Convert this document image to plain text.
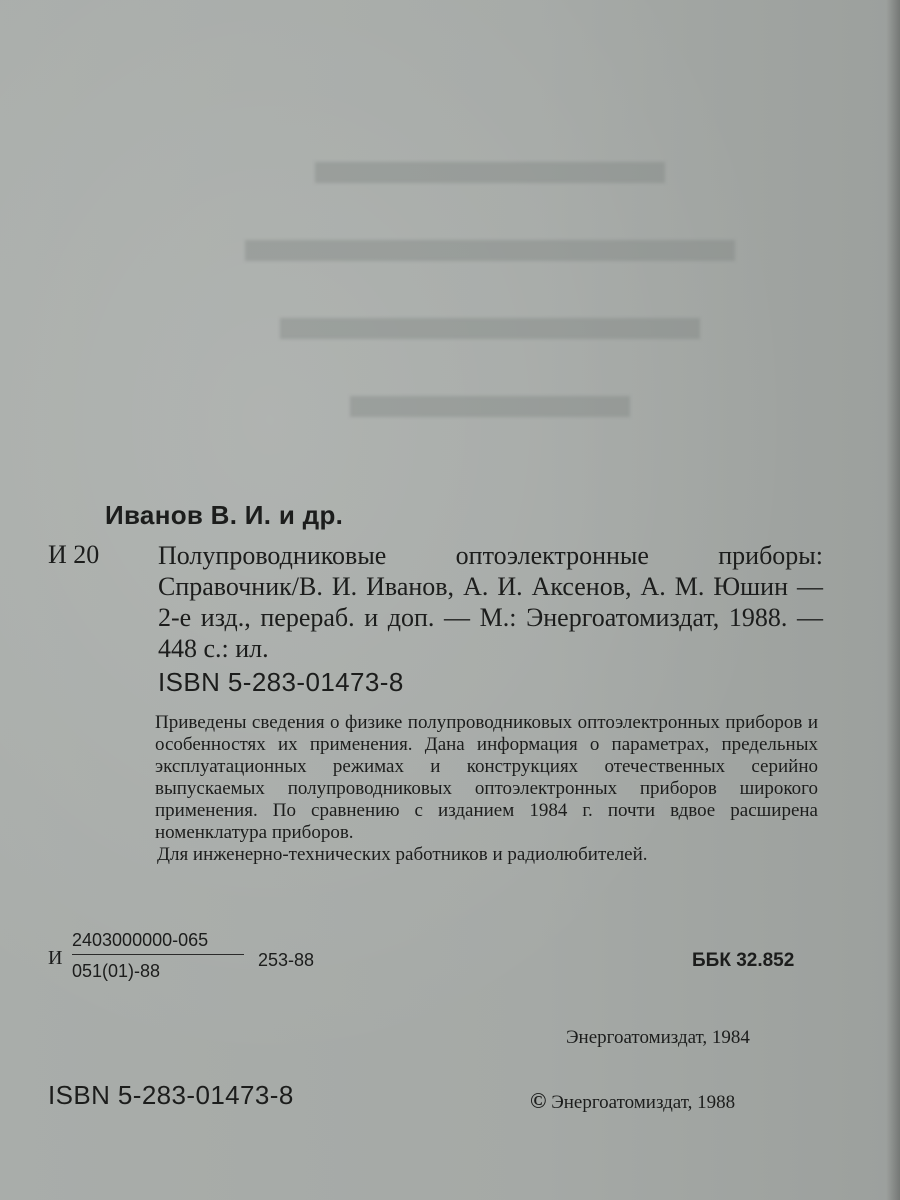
▬▬▬▬▬
▬▬▬▬▬▬▬
▬▬▬▬▬▬
▬▬▬▬
Иванов В. И. и др.
И 20 Полупроводниковые оптоэлектронные приборы: Справочник/В. И. Иванов, А. И. Аксенов, А. М. Юшин — 2-е изд., перераб. и доп. — М.: Энергоатомиздат, 1988. — 448 с.: ил.
ISBN 5-283-01473-8

Приведены сведения о физике полупроводниковых оптоэлектронных приборов и особенностях их применения. Дана информация о параметрах, предельных эксплуатационных режимах и конструкциях отечественных серийно выпускаемых полупроводниковых оптоэлектронных приборов широкого применения. По сравнению с изданием 1984 г. почти вдвое расширена номенклатура приборов.

Для инженерно-технических работников и радиолюбителей.

И $\frac{2403000000-065}{051(01)-88} 253-88$	ББК 32.852
Энергоатомиздат, 1984
ISBN 5-283-01473-8	© Энергоатомиздат, 1988
